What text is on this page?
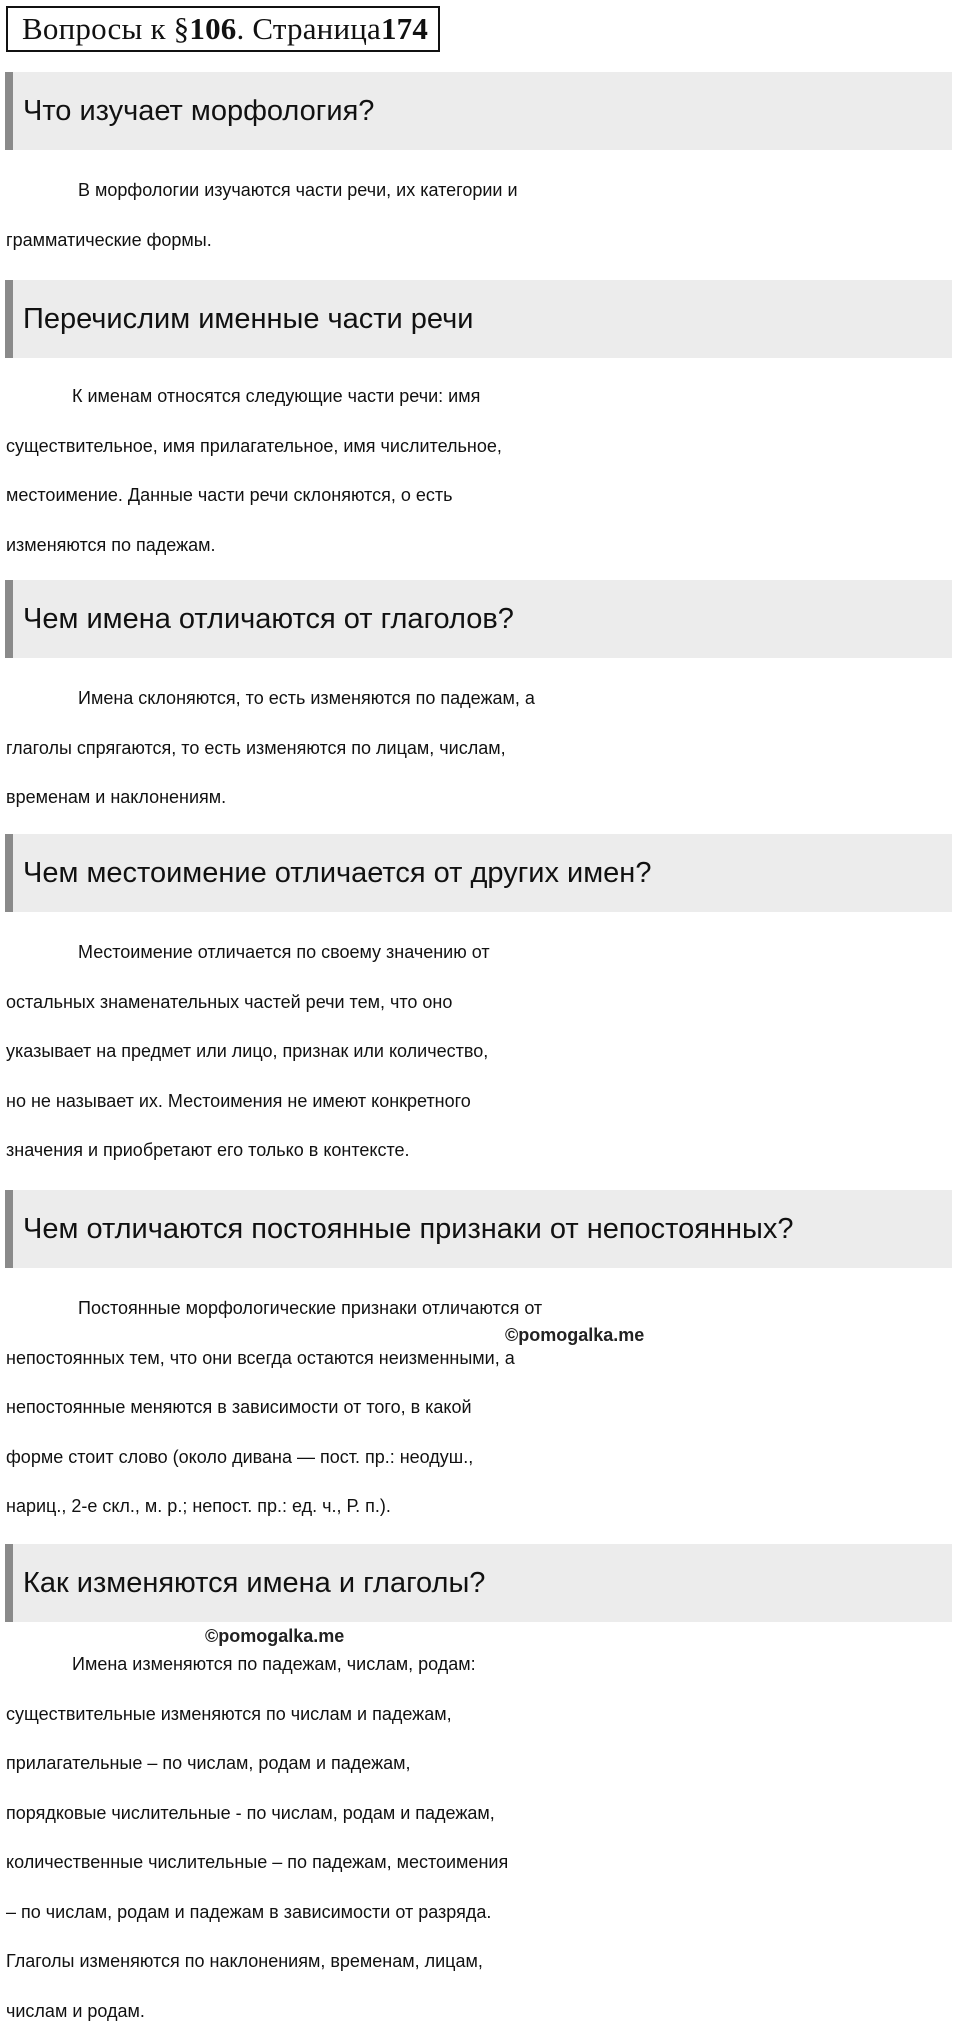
Вопросы к § 106 . Страница 174
Что изучает морфология?
В морфологии изучаются части речи, их категории и
грамматические формы.
Перечислим именные части речи
К именам относятся следующие части речи: имя
существительное, имя прилагательное, имя числительное,
местоимение. Данные части речи склоняются, о есть
изменяются по падежам.
Чем имена отличаются от глаголов?
Имена склоняются, то есть изменяются по падежам, а
глаголы спрягаются, то есть изменяются по лицам, числам,
временам и наклонениям.
Чем местоимение отличается от других имен?
Местоимение отличается по своему значению от
остальных знаменательных частей речи тем, что оно
указывает на предмет или лицо, признак или количество,
но не называет их. Местоимения не имеют конкретного
значения и приобретают его только в контексте.
Чем отличаются постоянные признаки от непостоянных?
Постоянные морфологические признаки отличаются от
непостоянных тем, что они всегда остаются неизменными, а
непостоянные меняются в зависимости от того, в какой
форме стоит слово (около дивана — пост. пр.: неодуш.,
нариц., 2-е скл., м. р.; непост. пр.: ед. ч., Р. п.).
©pomogalka.me
Как изменяются имена и глаголы?
©pomogalka.me
Имена изменяются по падежам, числам, родам:
существительные изменяются по числам и падежам,
прилагательные – по числам, родам и падежам,
порядковые числительные - по числам, родам и падежам,
количественные числительные – по падежам, местоимения
– по числам, родам и падежам в зависимости от разряда.
Глаголы изменяются по наклонениям, временам, лицам,
числам и родам.
